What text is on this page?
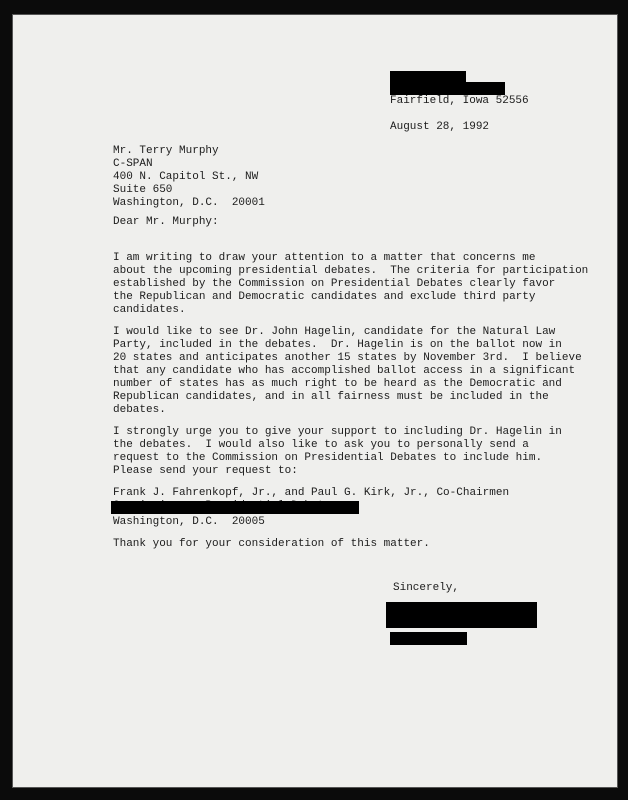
Fairfield, Iowa 52556
August 28, 1992
Mr. Terry Murphy
C-SPAN
400 N. Capitol St., NW
Suite 650
Washington, D.C.  20001
Dear Mr. Murphy:
I am writing to draw your attention to a matter that concerns me
about the upcoming presidential debates.  The criteria for participation
established by the Commission on Presidential Debates clearly favor
the Republican and Democratic candidates and exclude third party
candidates.
I would like to see Dr. John Hagelin, candidate for the Natural Law
Party, included in the debates.  Dr. Hagelin is on the ballot now in
20 states and anticipates another 15 states by November 3rd.  I believe
that any candidate who has accomplished ballot access in a significant
number of states has as much right to be heard as the Democratic and
Republican candidates, and in all fairness must be included in the
debates.
I strongly urge you to give your support to including Dr. Hagelin in
the debates.  I would also like to ask you to personally send a
request to the Commission on Presidential Debates to include him.
Please send your request to:
Frank J. Fahrenkopf, Jr., and Paul G. Kirk, Jr., Co-Chairmen
Washington, D.C.  20005
Thank you for your consideration of this matter.
Sincerely,
